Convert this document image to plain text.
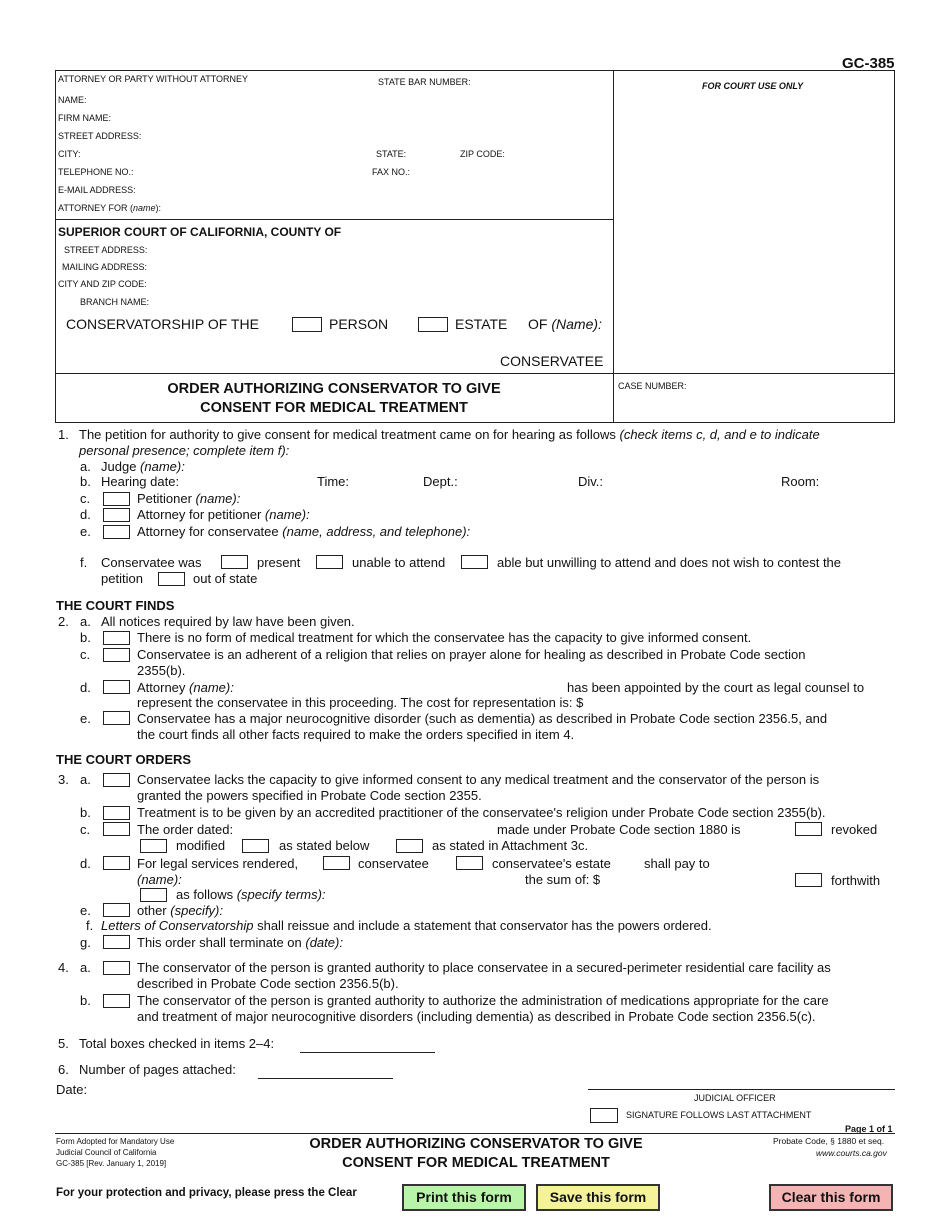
GC-385
ATTORNEY OR PARTY WITHOUT ATTORNEY	STATE BAR NUMBER:	FOR COURT USE ONLY
NAME:
FIRM NAME:
STREET ADDRESS:
CITY:	STATE:	ZIP CODE:
TELEPHONE NO.:	FAX NO.:
E-MAIL ADDRESS:
ATTORNEY FOR (name):
SUPERIOR COURT OF CALIFORNIA, COUNTY OF
STREET ADDRESS:
MAILING ADDRESS:
CITY AND ZIP CODE:
BRANCH NAME:
CONSERVATORSHIP OF THE	PERSON	ESTATE OF (Name):
CONSERVATEE
ORDER AUTHORIZING CONSERVATOR TO GIVE
CONSENT FOR MEDICAL TREATMENT
CASE NUMBER:
1. The petition for authority to give consent for medical treatment came on for hearing as follows (check items c, d, and e to indicate
personal presence; complete item f):
a. Judge (name):
b. Hearing date:	Time:	Dept.:	Div.:	Room:
c.	Petitioner (name):
d.	Attorney for petitioner (name):
e.	Attorney for conservatee (name, address, and telephone):
f. Conservatee was	present	unable to attend	able but unwilling to attend and does not wish to contest the
petition	out of state
THE COURT FINDS
2. a. All notices required by law have been given.
b.	There is no form of medical treatment for which the conservatee has the capacity to give informed consent.
c.	Conservatee is an adherent of a religion that relies on prayer alone for healing as described in Probate Code section
2355(b).
d.	Attorney (name):	has been appointed by the court as legal counsel to
represent the conservatee in this proceeding. The cost for representation is: $
e.	Conservatee has a major neurocognitive disorder (such as dementia) as described in Probate Code section 2356.5, and
the court finds all other facts required to make the orders specified in item 4.
THE COURT ORDERS
3. a.	Conservatee lacks the capacity to give informed consent to any medical treatment and the conservator of the person is
granted the powers specified in Probate Code section 2355.
b.	Treatment is to be given by an accredited practitioner of the conservatee's religion under Probate Code section 2355(b).
c.	The order dated:	made under Probate Code section 1880 is	revoked
modified	as stated below	as stated in Attachment 3c.
d.	For legal services rendered,	conservatee	conservatee's estate	shall pay to
(name):	the sum of: $	forthwith
as follows (specify terms):
e.	other (specify):
f. Letters of Conservatorship shall reissue and include a statement that conservator has the powers ordered.
g.	This order shall terminate on (date):
4. a.	The conservator of the person is granted authority to place conservatee in a secured-perimeter residential care facility as
described in Probate Code section 2356.5(b).
b.	The conservator of the person is granted authority to authorize the administration of medications appropriate for the care
and treatment of major neurocognitive disorders (including dementia) as described in Probate Code section 2356.5(c).
5. Total boxes checked in items 2–4:
6. Number of pages attached:
Date:
JUDICIAL OFFICER
SIGNATURE FOLLOWS LAST ATTACHMENT
Page 1 of 1
Form Adopted for Mandatory Use
Judicial Council of California
GC-385 [Rev. January 1, 2019]
ORDER AUTHORIZING CONSERVATOR TO GIVE
CONSENT FOR MEDICAL TREATMENT
Probate Code, § 1880 et seq.
www.courts.ca.gov
For your protection and privacy, please press the Clear	Print this form	Save this form	Clear this form
